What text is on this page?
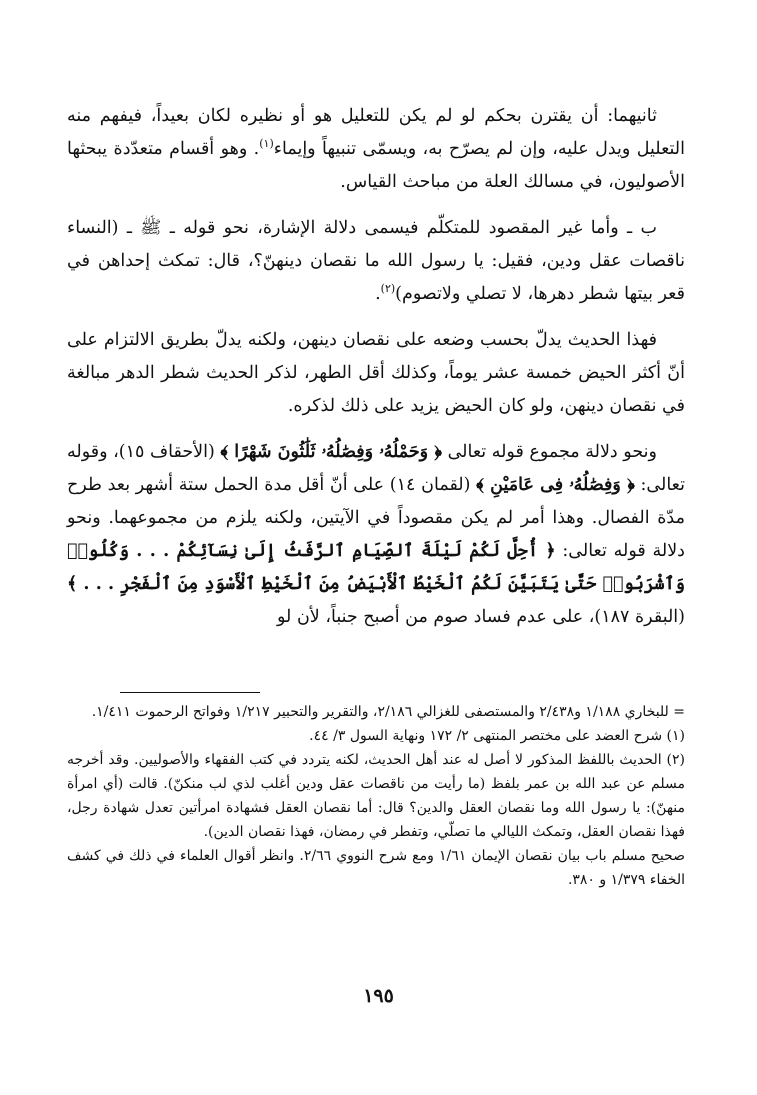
ثانيهما: أن يقترن بحكم لو لم يكن للتعليل هو أو نظيره لكان بعيداً، فيفهم منه التعليل ويدل عليه، وإن لم يصرّح به، ويسمّى تنبيهاً وإيماء$^{(١)}$. وهو أقسام متعدّدة يبحثها الأصوليون، في مسالك العلة من مباحث القياس.

ب ـ وأما غير المقصود للمتكلّم فيسمى دلالة الإشارة، نحو قوله ـ ﷺ ـ (النساء ناقصات عقل ودين، فقيل: يا رسول الله ما نقصان دينهنّ؟، قال: تمكث إحداهن في قعر بيتها شطر دهرها، لا تصلي ولاتصوم)$^{(٢)}$.

فهذا الحديث يدلّ بحسب وضعه على نقصان دينهن، ولكنه يدلّ بطريق الالتزام على أنّ أكثر الحيض خمسة عشر يوماً، وكذلك أقل الطهر، لذكر الحديث شطر الدهر مبالغة في نقصان دينهن، ولو كان الحيض يزيد على ذلك لذكره.

ونحو دلالة مجموع قوله تعالى ﴿ وَحَمْلُهُۥ وَفِصَٰلُهُۥ ثَلَٰثُونَ شَهْرًا ﴾ (الأحقاف ١٥)، وقوله تعالى: ﴿ وَفِصَٰلُهُۥ فِى عَامَيْنِ ﴾ (لقمان ١٤) على أنّ أقل مدة الحمل ستة أشهر بعد طرح مدّة الفصال. وهذا أمر لم يكن مقصوداً في الآيتين، ولكنه يلزم من مجموعهما. ونحو دلالة قوله تعالى: ﴿ أُحِلَّ لَكُمْ لَيْلَةَ ٱلصِّيَامِ ٱلرَّفَثُ إِلَىٰ نِسَآئِكُمْ . . . وَكُلُوا۟ وَٱشْرَبُوا۟ حَتَّىٰ يَتَبَيَّنَ لَكُمُ ٱلْخَيْطُ ٱلْأَبْيَضُ مِنَ ٱلْخَيْطِ ٱلْأَسْوَدِ مِنَ ٱلْفَجْرِ . . . ﴾ (البقرة ١٨٧)، على عدم فساد صوم من أصبح جنباً، لأن لو

= للبخاري ١/١٨٨ و٢/٤٣٨ والمستصفى للغزالي ٢/١٨٦، والتقرير والتحبير ١/٢١٧ وفواتح الرحموت ١/٤١١.

(١) شرح العضد على مختصر المنتهى ٢/ ١٧٢ ونهاية السول ٣/ ٤٤.

(٢) الحديث باللفظ المذكور لا أصل له عند أهل الحديث، لكنه يتردد في كتب الفقهاء والأصوليين. وقد أخرجه مسلم عن عبد الله بن عمر بلفظ (ما رأيت من ناقصات عقل ودين أغلب لذي لب منكنّ). قالت (أي امرأة منهنّ): يا رسول الله وما نقصان العقل والدين؟ قال: أما نقصان العقل فشهادة امرأتين تعدل شهادة رجل، فهذا نقصان العقل، وتمكث الليالي ما تصلّي، وتفطر في رمضان، فهذا نقصان الدين).

صحيح مسلم باب بيان نقصان الإيمان ١/٦١ ومع شرح النووي ٢/٦٦. وانظر أقوال العلماء في ذلك في كشف الخفاء ١/٣٧٩ و ٣٨٠.

١٩٥
